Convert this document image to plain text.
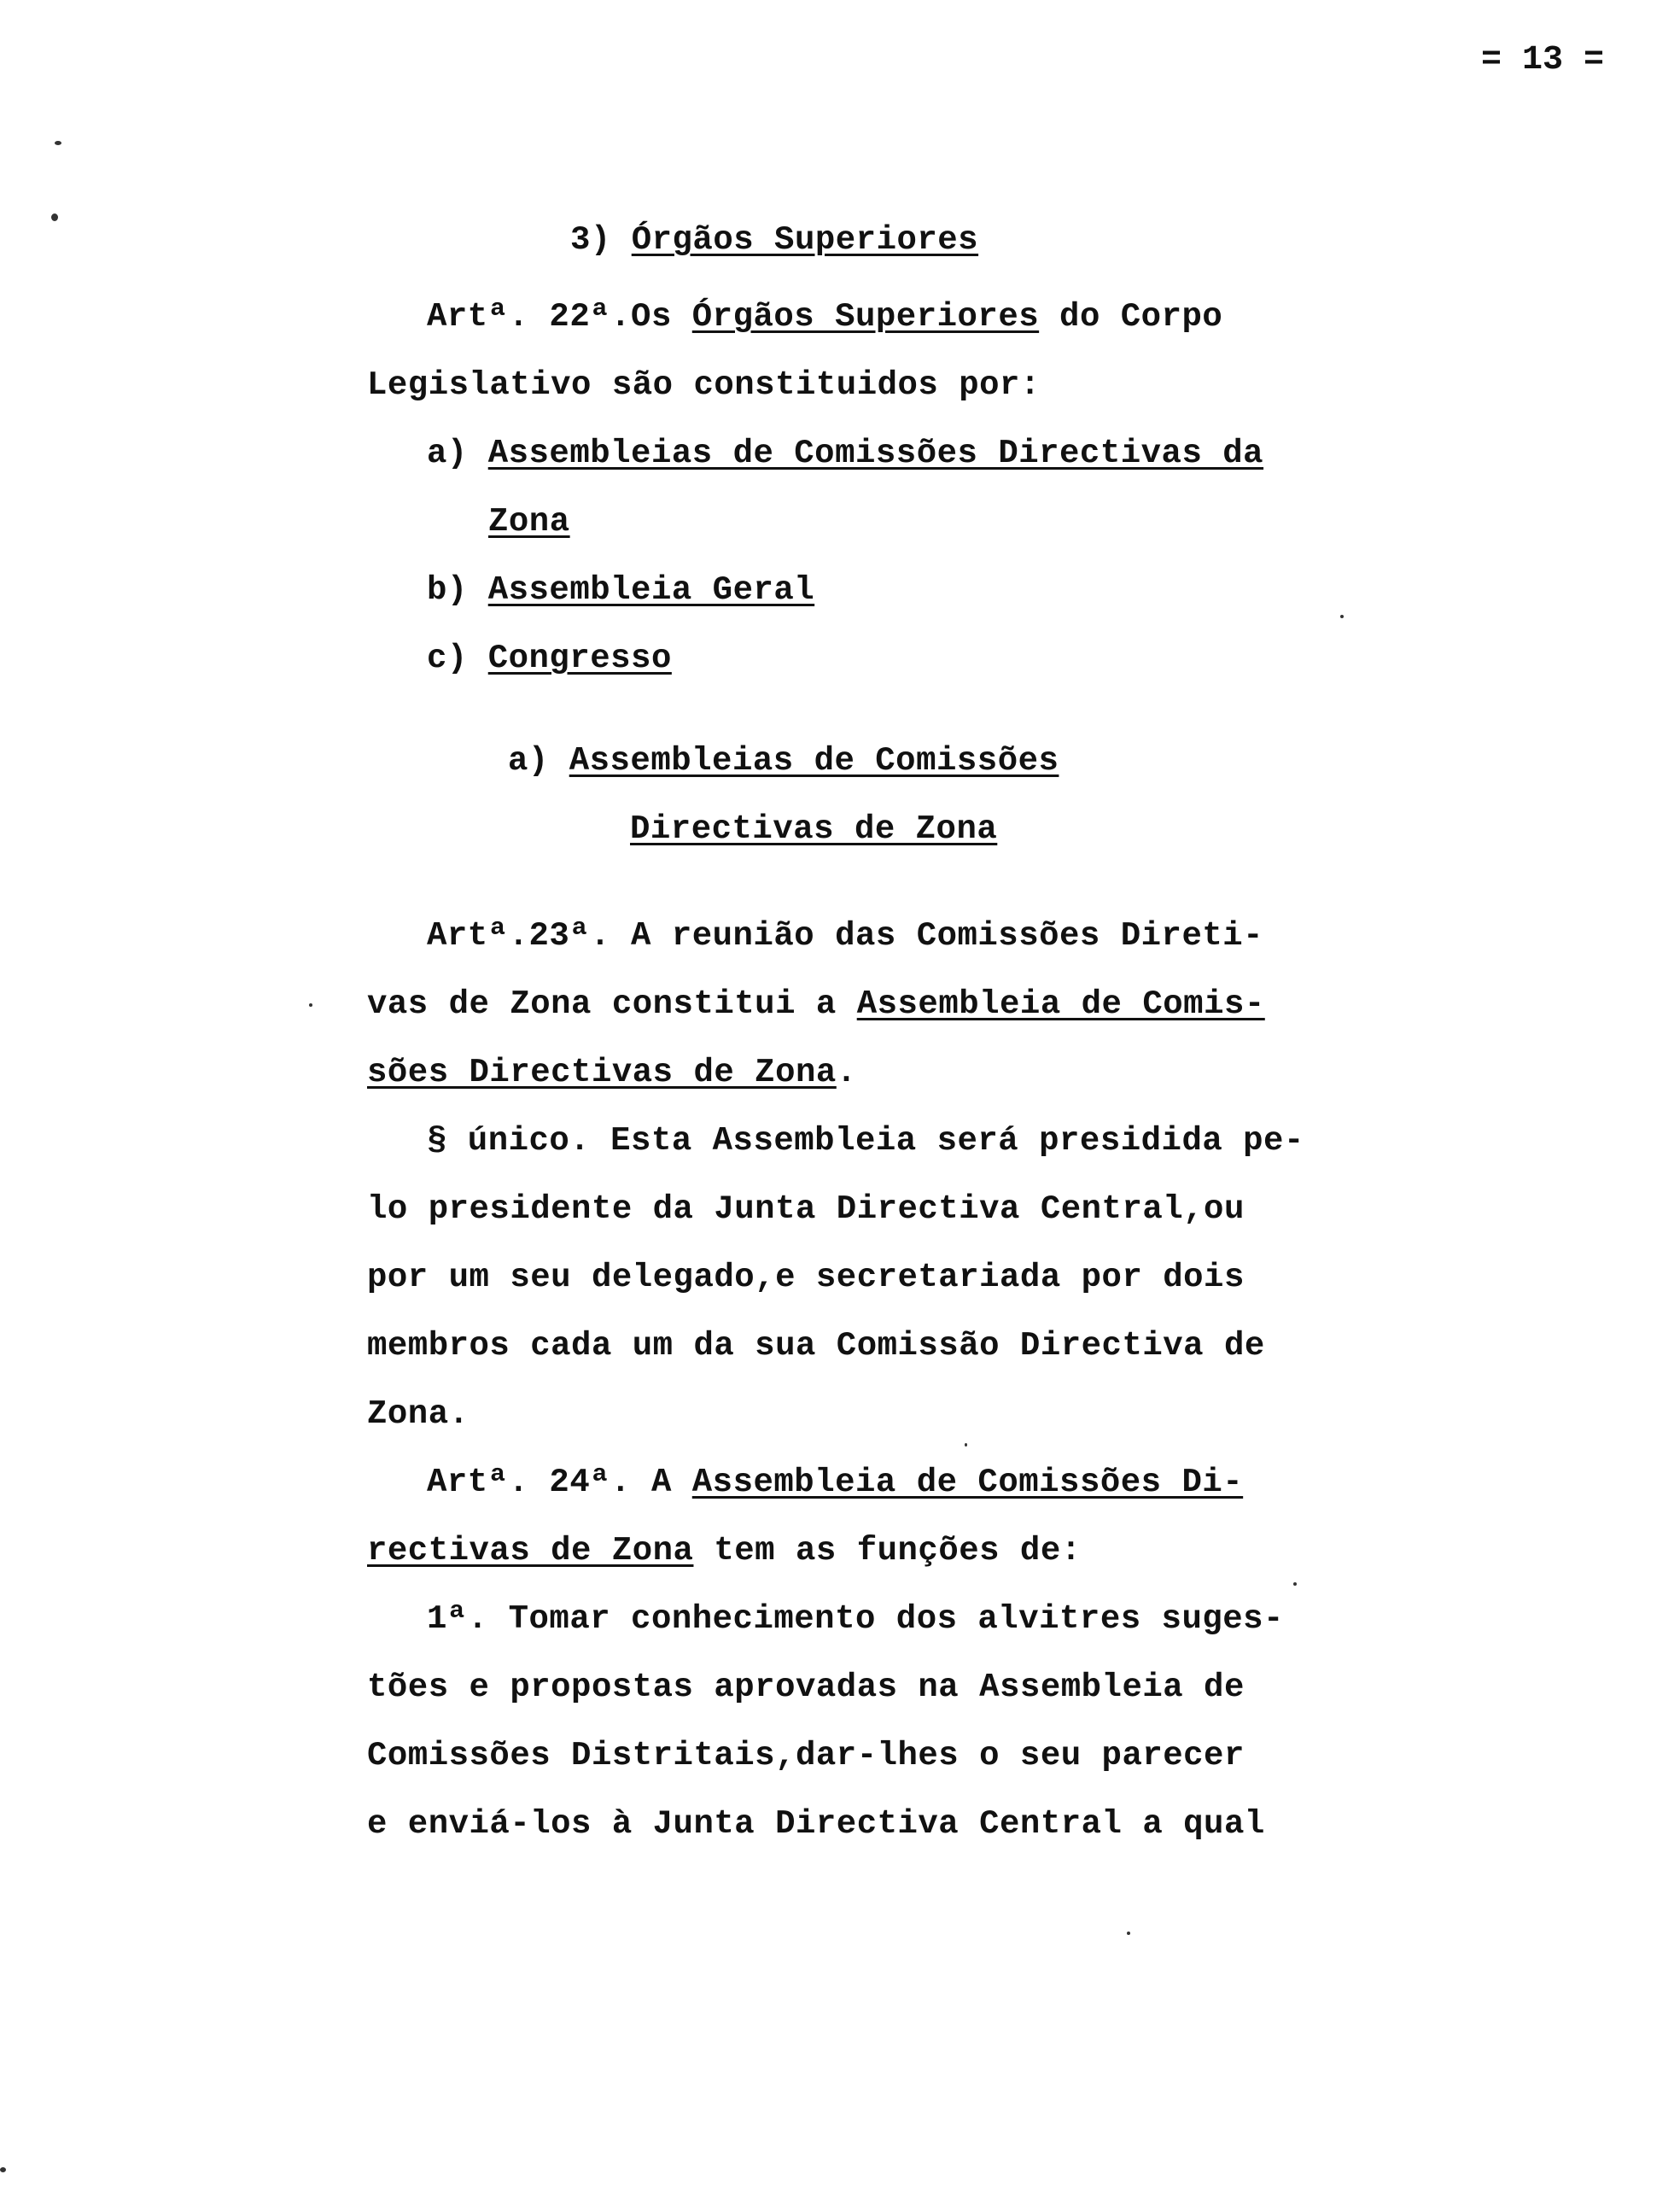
= 13 =
3) Órgãos Superiores
Artª. 22ª.Os Órgãos Superiores do Corpo
Legislativo são constituidos por:
a) Assembleias de Comissões Directivas da
Zona
b) Assembleia Geral
c) Congresso
a) Assembleias de Comissões
Directivas de Zona
Artª.23ª. A reunião das Comissões Direti-
vas de Zona constitui a Assembleia de Comis-
sões Directivas de Zona.
§ único. Esta Assembleia será presidida pe-
lo presidente da Junta Directiva Central,ou
por um seu delegado,e secretariada por dois
membros cada um da sua Comissão Directiva de
Zona.
Artª. 24ª. A Assembleia de Comissões Di-
rectivas de Zona tem as funções de:
1ª. Tomar conhecimento dos alvitres suges-
tões e propostas aprovadas na Assembleia de
Comissões Distritais,dar-lhes o seu parecer
e enviá-los à Junta Directiva Central a qual
